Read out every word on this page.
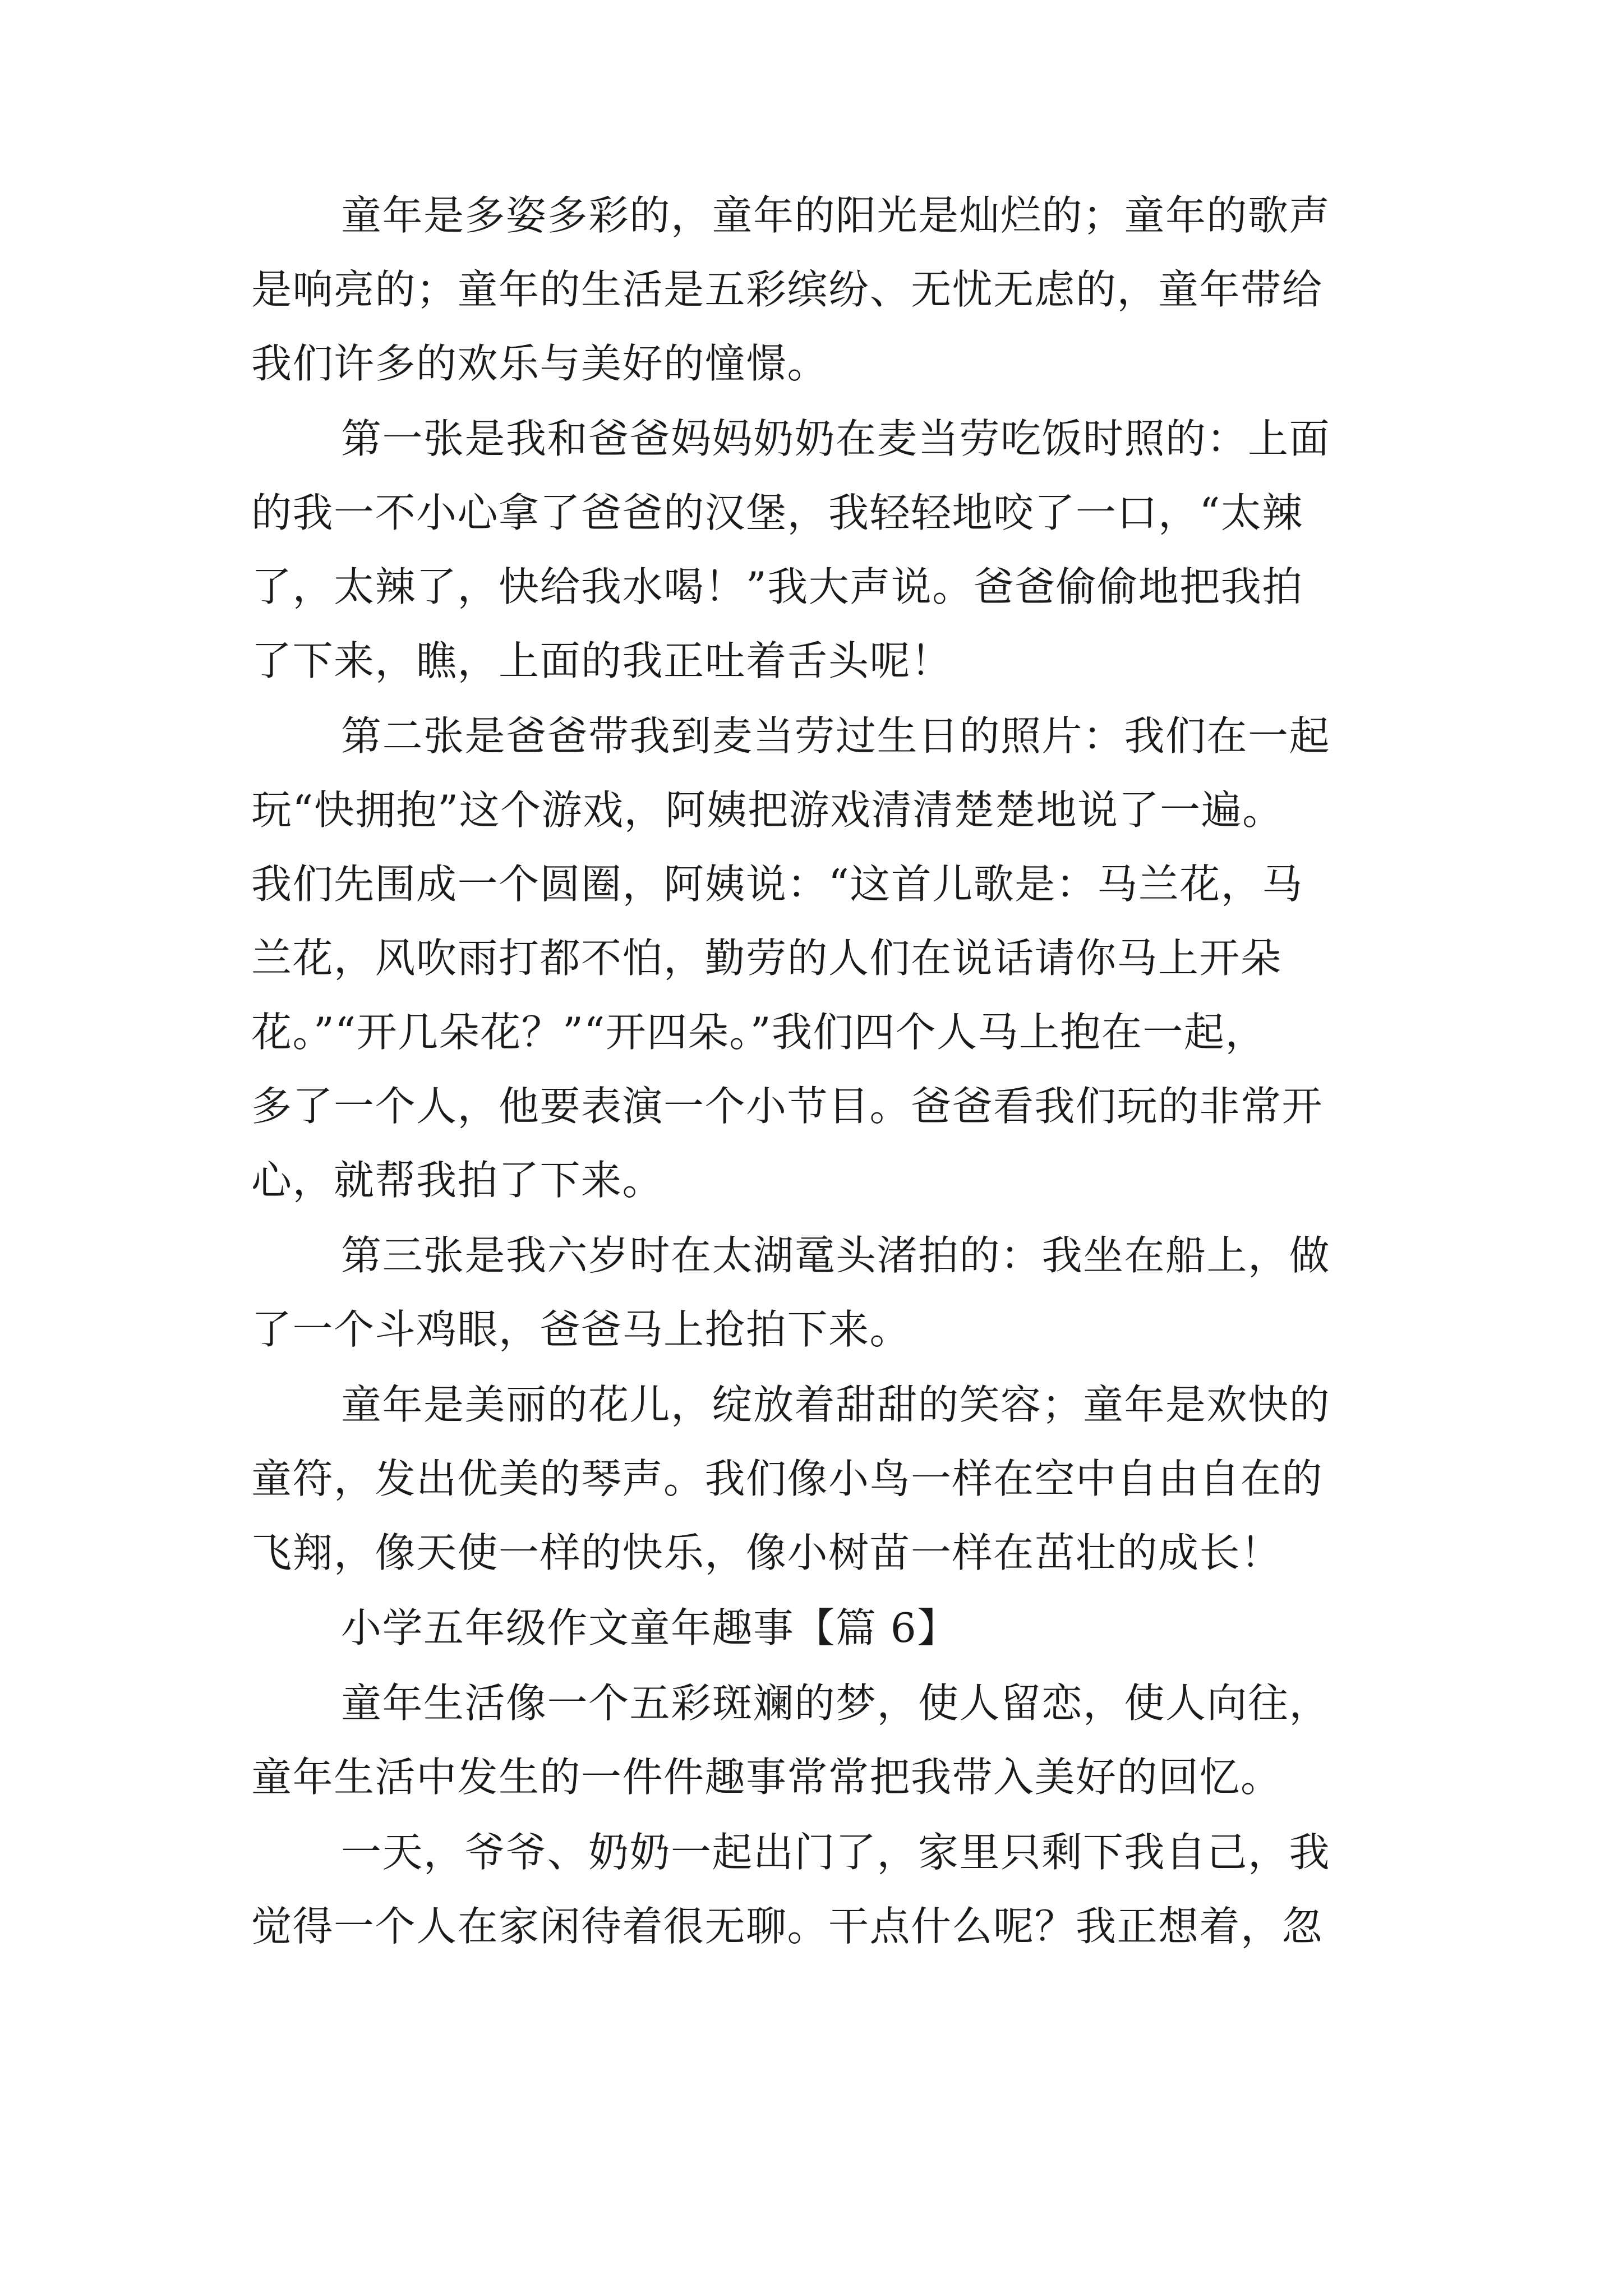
童年是多姿多彩的，童年的阳光是灿烂的；童年的歌声
是响亮的；童年的生活是五彩缤纷、无忧无虑的，童年带给
我们许多的欢乐与美好的憧憬。
第一张是我和爸爸妈妈奶奶在麦当劳吃饭时照的：上面
的我一不小心拿了爸爸的汉堡，我轻轻地咬了一口，“太辣
了，太辣了，快给我水喝！”我大声说。爸爸偷偷地把我拍
了下来，瞧，上面的我正吐着舌头呢！
第二张是爸爸带我到麦当劳过生日的照片：我们在一起
玩“快拥抱”这个游戏，阿姨把游戏清清楚楚地说了一遍。
我们先围成一个圆圈，阿姨说：“这首儿歌是：马兰花，马
兰花，风吹雨打都不怕，勤劳的人们在说话请你马上开朵
花。”“开几朵花？”“开四朵。”我们四个人马上抱在一起，
多了一个人，他要表演一个小节目。爸爸看我们玩的非常开
心，就帮我拍了下来。
第三张是我六岁时在太湖鼋头渚拍的：我坐在船上，做
了一个斗鸡眼，爸爸马上抢拍下来。
童年是美丽的花儿，绽放着甜甜的笑容；童年是欢快的
童符，发出优美的琴声。我们像小鸟一样在空中自由自在的
飞翔，像天使一样的快乐，像小树苗一样在茁壮的成长！
小学五年级作文童年趣事【篇 6】
童年生活像一个五彩斑斓的梦，使人留恋，使人向往，
童年生活中发生的一件件趣事常常把我带入美好的回忆。
一天，爷爷、奶奶一起出门了，家里只剩下我自己，我
觉得一个人在家闲待着很无聊。干点什么呢？我正想着，忽
